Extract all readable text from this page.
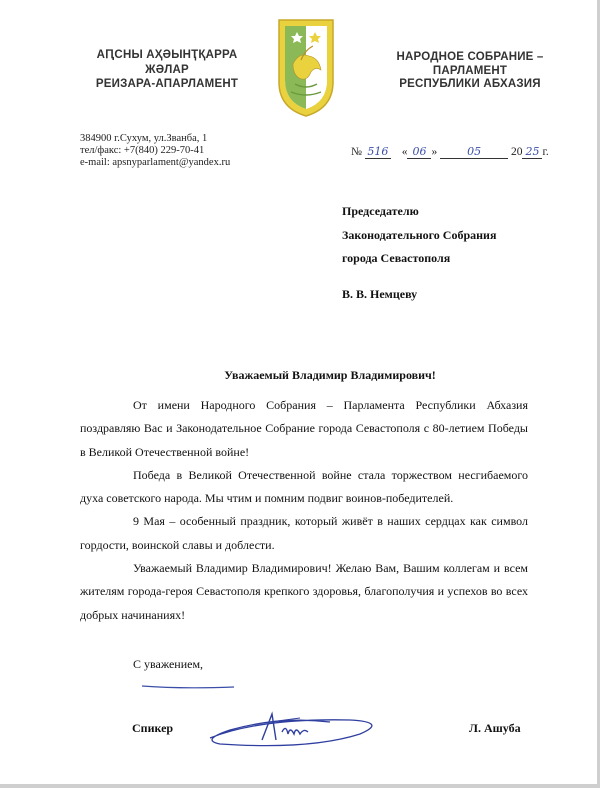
АԤСНЫ АҲӘЫНҬҚАРРА
ЖӘЛАР
РЕИЗАРА-АПАРЛАМЕНТ
НАРОДНОЕ СОБРАНИЕ –
ПАРЛАМЕНТ
РЕСПУБЛИКИ АБХАЗИЯ
384900 г.Сухум, ул.Званба, 1
тел/факс: +7(840) 229-70-41
e-mail: apsnyparlament@yandex.ru
№ 516 « 06 »	05	20 25 г.
Председателю
Законодательного Собрания
города Севастополя
В. В. Немцеву
Уважаемый Владимир Владимирович!

От имени Народного Собрания – Парламента Республики Абхазия поздравляю Вас и Законодательное Собрание города Севастополя с 80-летием Победы в Великой Отечественной войне!

Победа в Великой Отечественной войне стала торжеством несгибаемого духа советского народа. Мы чтим и помним подвиг воинов-победителей.

9 Мая – особенный праздник, который живёт в наших сердцах как символ гордости, воинской славы и доблести.

Уважаемый Владимир Владимирович! Желаю Вам, Вашим коллегам и всем жителям города-героя Севастополя крепкого здоровья, благополучия и успехов во всех добрых начинаниях!

С уважением,
Спикер	Л. Ашуба
